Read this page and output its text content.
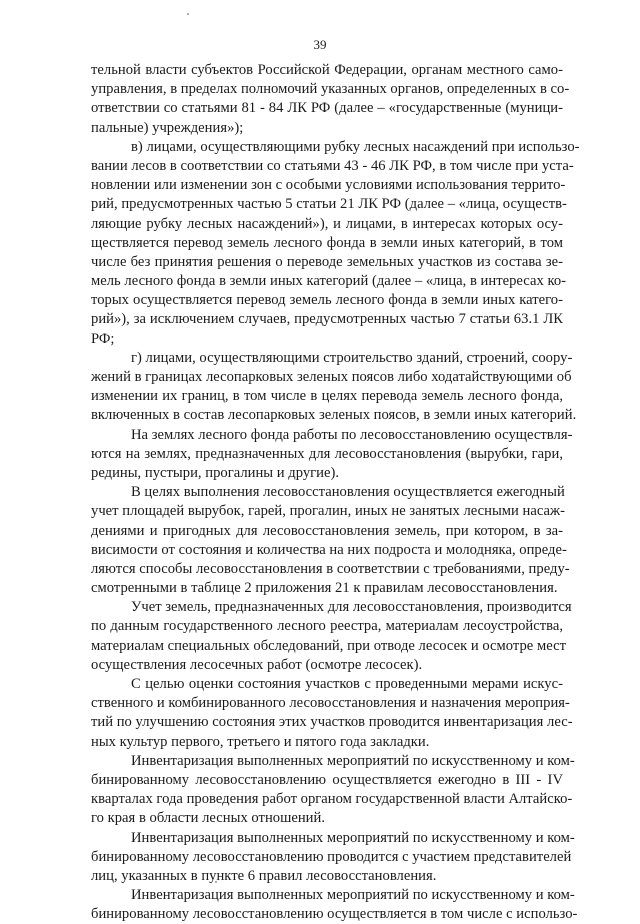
39
тельной власти субъектов Российской Федерации, органам местного само-
управления, в пределах полномочий указанных органов, определенных в со-
ответствии со статьями 81 - 84 ЛК РФ (далее – «государственные (муници-
пальные) учреждения»);
в) лицами, осуществляющими рубку лесных насаждений при использо-
вании лесов в соответствии со статьями 43 - 46 ЛК РФ, в том числе при уста-
новлении или изменении зон с особыми условиями использования террито-
рий, предусмотренных частью 5 статьи 21 ЛК РФ (далее – «лица, осуществ-
ляющие рубку лесных насаждений»), и лицами, в интересах которых осу-
ществляется перевод земель лесного фонда в земли иных категорий, в том
числе без принятия решения о переводе земельных участков из состава зе-
мель лесного фонда в земли иных категорий (далее – «лица, в интересах ко-
торых осуществляется перевод земель лесного фонда в земли иных катего-
рий»), за исключением случаев, предусмотренных частью 7 статьи 63.1 ЛК
РФ;
г) лицами, осуществляющими строительство зданий, строений, соору-
жений в границах лесопарковых зеленых поясов либо ходатайствующими об
изменении их границ, в том числе в целях перевода земель лесного фонда,
включенных в состав лесопарковых зеленых поясов, в земли иных категорий.
На землях лесного фонда работы по лесовосстановлению осуществля-
ются на землях, предназначенных для лесовосстановления (вырубки, гари,
редины, пустыри, прогалины и другие).
В целях выполнения лесовосстановления осуществляется ежегодный
учет площадей вырубок, гарей, прогалин, иных не занятых лесными насаж-
дениями и пригодных для лесовосстановления земель, при котором, в за-
висимости от состояния и количества на них подроста и молодняка, опреде-
ляются способы лесовосстановления в соответствии с требованиями, преду-
смотренными в таблице 2 приложения 21 к правилам лесовосстановления.
Учет земель, предназначенных для лесовосстановления, производится
по данным государственного лесного реестра, материалам лесоустройства,
материалам специальных обследований, при отводе лесосек и осмотре мест
осуществления лесосечных работ (осмотре лесосек).
С целью оценки состояния участков с проведенными мерами искус-
ственного и комбинированного лесовосстановления и назначения мероприя-
тий по улучшению состояния этих участков проводится инвентаризация лес-
ных культур первого, третьего и пятого года закладки.
Инвентаризация выполненных мероприятий по искусственному и ком-
бинированному лесовосстановлению осуществляется ежегодно в III - IV
кварталах года проведения работ органом государственной власти Алтайско-
го края в области лесных отношений.
Инвентаризация выполненных мероприятий по искусственному и ком-
бинированному лесовосстановлению проводится с участием представителей
лиц, указанных в пункте 6 правил лесовосстановления.
Инвентаризация выполненных мероприятий по искусственному и ком-
бинированному лесовосстановлению осуществляется в том числе с использо-
